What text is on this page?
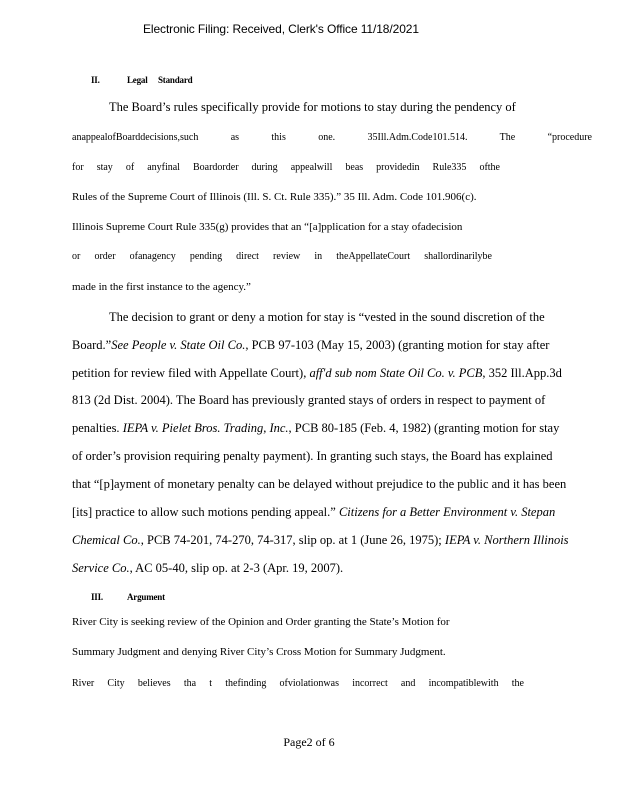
Electronic Filing: Received, Clerk's Office 11/18/2021
II.	Legal Standard
The Board’s rules specifically provide for motions to stay during the pendency of
anappealofBoarddecisions,such as this one. 35Ill.Adm.Code101.514. The “procedure
for stay of anyfinal Boardorder during appealwill beas providedin Rule335 ofthe
Rules of the Supreme Court of Illinois (Ill. S. Ct. Rule 335).” 35 Ill. Adm. Code 101.906(c).
Illinois Supreme Court Rule 335(g) provides that an “[a]pplication for a stay ofadecision
or order ofanagency pending direct review in theAppellateCourt shallordinarilybe
made in the first instance to the agency.”
The decision to grant or deny a motion for stay is “vested in the sound discretion of the
Board.”See People v. State Oil Co., PCB 97-103 (May 15, 2003) (granting motion for stay after
petition for review filed with Appellate Court), aff'd sub nom State Oil Co. v. PCB, 352 Ill.App.3d
813 (2d Dist. 2004). The Board has previously granted stays of orders in respect to payment of
penalties. IEPA v. Pielet Bros. Trading, Inc., PCB 80-185 (Feb. 4, 1982) (granting motion for stay
of order’s provision requiring penalty payment). In granting such stays, the Board has explained
that “[p]ayment of monetary penalty can be delayed without prejudice to the public and it has been
[its] practice to allow such motions pending appeal.” Citizens for a Better Environment v. Stepan
Chemical Co., PCB 74-201, 74-270, 74-317, slip op. at 1 (June 26, 1975); IEPA v. Northern Illinois
Service Co., AC 05-40, slip op. at 2-3 (Apr. 19, 2007).
III.	Argument
River City is seeking review of the Opinion and Order granting the State’s Motion for
Summary Judgment and denying River City’s Cross Motion for Summary Judgment.
River City believes tha t thefinding ofviolationwas incorrect and incompatiblewith the
Page2 of 6
